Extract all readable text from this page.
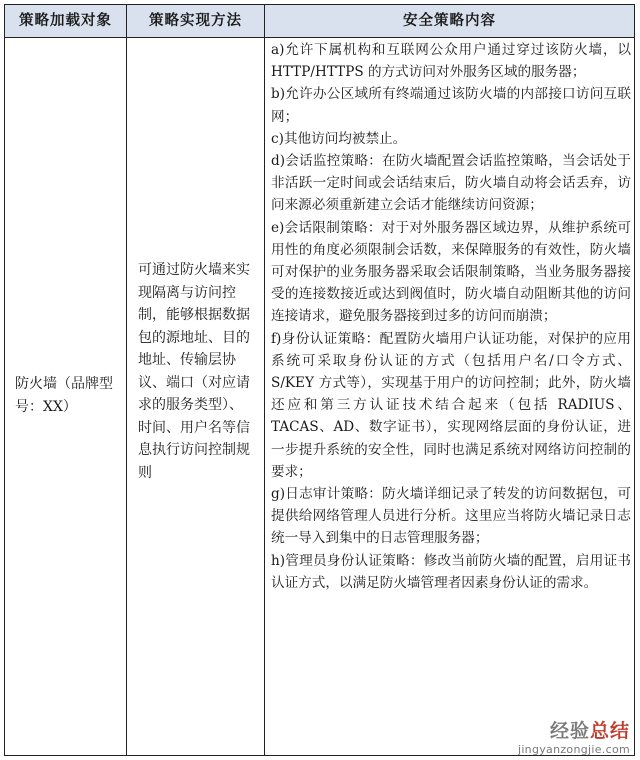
策略加载对象	策略实现方法	安全策略内容
防火墙（品牌型号：XX）
可通过防火墙来实现隔离与访问控制，能够根据数据包的源地址、目的地址、传输层协议、端口（对应请求的服务类型）、时间、用户名等信息执行访问控制规则

a)允许下属机构和互联网公众用户通过穿过该防火墙，以 HTTP/HTTPS 的方式访问对外服务区域的服务器；

b)允许办公区域所有终端通过该防火墙的内部接口访问互联网；

c)其他访问均被禁止。

d)会话监控策略：在防火墙配置会话监控策略，当会话处于非活跃一定时间或会话结束后，防火墙自动将会话丢弃，访问来源必须重新建立会话才能继续访问资源；

e)会话限制策略：对于对外服务器区域边界，从维护系统可用性的角度必须限制会话数，来保障服务的有效性，防火墙可对保护的业务服务器采取会话限制策略，当业务服务器接受的连接数接近或达到阀值时，防火墙自动阻断其他的访问连接请求，避免服务器接到过多的访问而崩溃；

f)身份认证策略：配置防火墙用户认证功能，对保护的应用系统可采取身份认证的方式（包括用户名/口令方式、S/KEY 方式等），实现基于用户的访问控制；此外，防火墙还应和第三方认证技术结合起来（包括 RADIUS、TACAS、AD、数字证书），实现网络层面的身份认证，进一步提升系统的安全性，同时也满足系统对网络访问控制的要求；

g)日志审计策略：防火墙详细记录了转发的访问数据包，可提供给网络管理人员进行分析。这里应当将防火墙记录日志统一导入到集中的日志管理服务器；

h)管理员身份认证策略：修改当前防火墙的配置，启用证书认证方式，以满足防火墙管理者因素身份认证的需求。

经验总结
jingyanzongjie.com
